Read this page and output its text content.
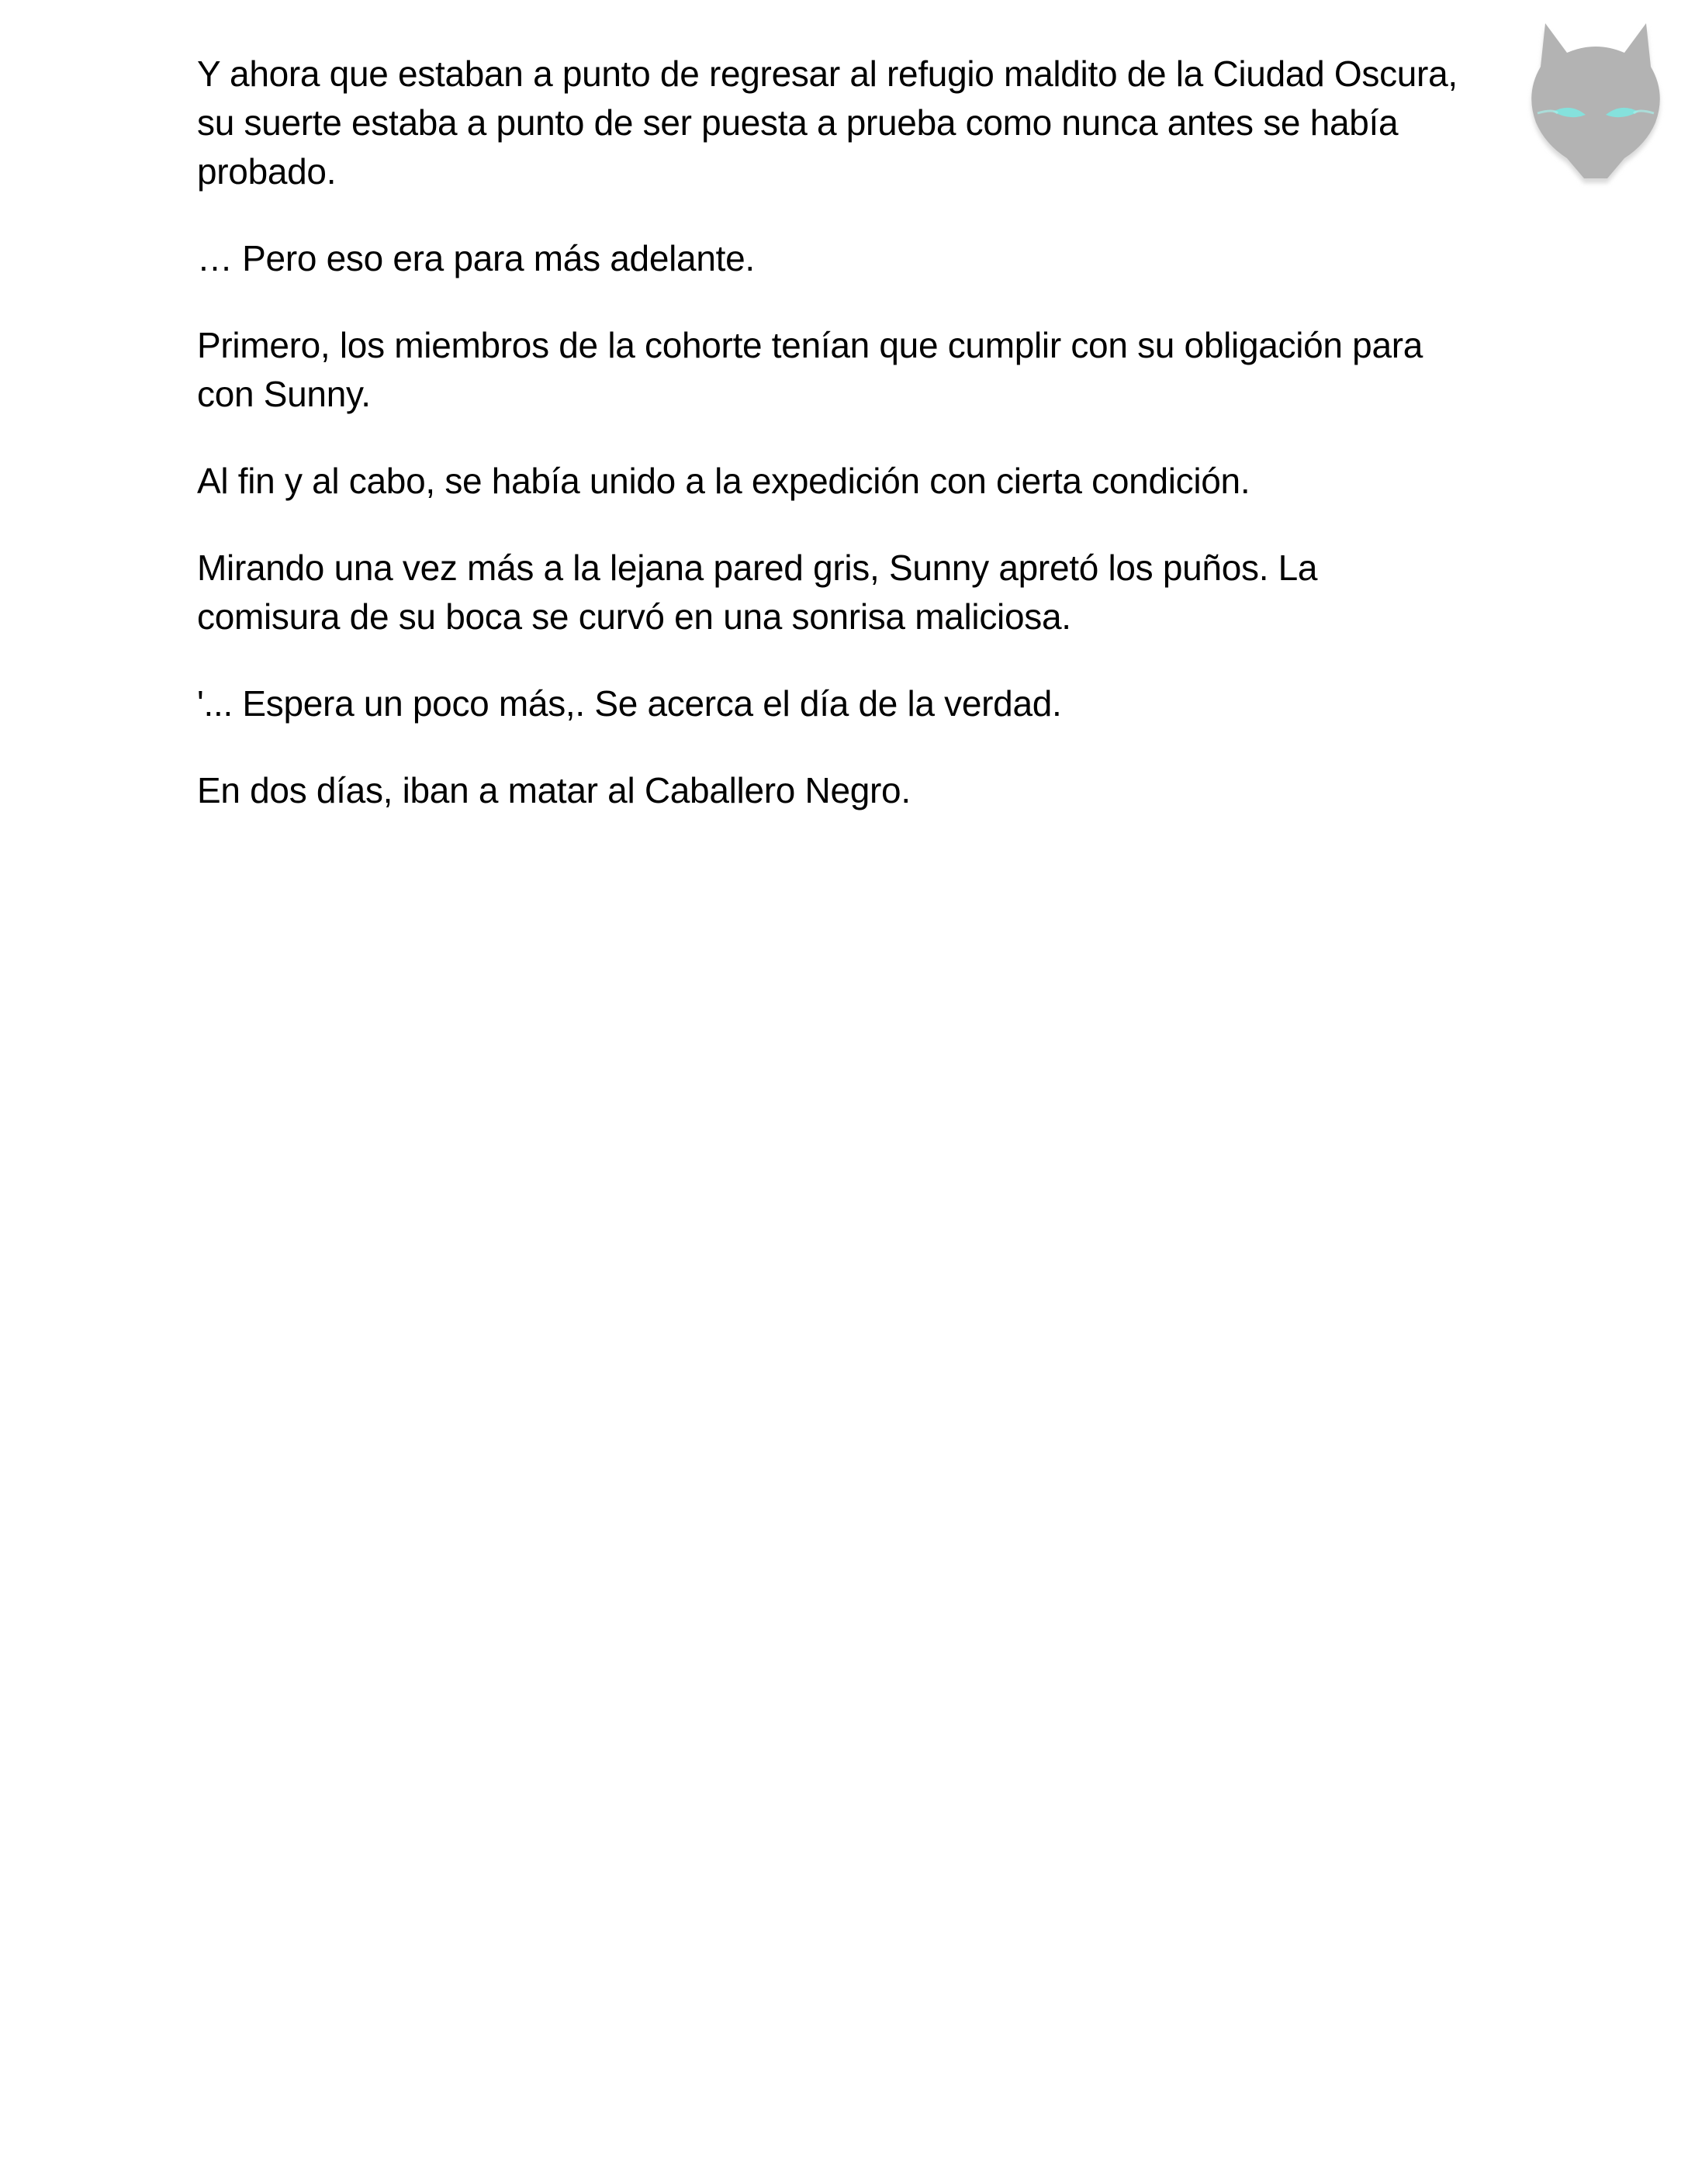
Y ahora que estaban a punto de regresar al refugio maldito de la Ciudad Oscura, su suerte estaba a punto de ser puesta a prueba como nunca antes se había probado.

… Pero eso era para más adelante.

Primero, los miembros de la cohorte tenían que cumplir con su obligación para con Sunny.

Al fin y al cabo, se había unido a la expedición con cierta condición.

Mirando una vez más a la lejana pared gris, Sunny apretó los puños. La comisura de su boca se curvó en una sonrisa maliciosa.

'... Espera un poco más,. Se acerca el día de la verdad.

En dos días, iban a matar al Caballero Negro.
